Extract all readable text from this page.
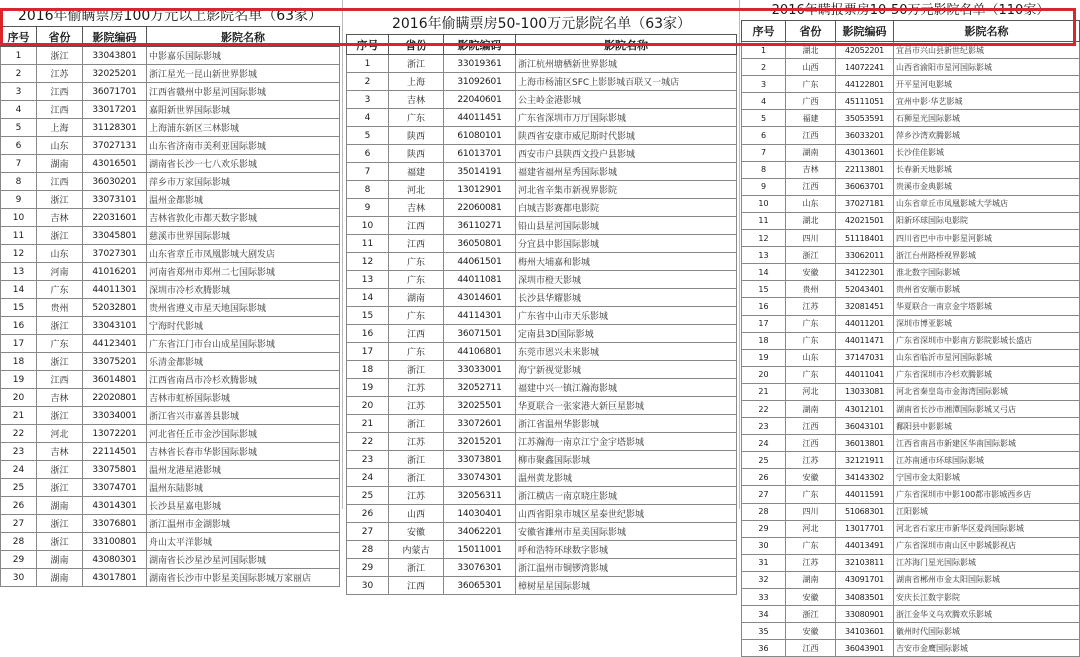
2016年偷瞒票房100万元以上影院名单（63家）
序号	省份	影院编码	影院名称
1	浙江	33043801	中影嘉乐国际影城
2	江苏	32025201	浙江星光一昆山新世界影城
3	江西	36071701	江西省赣州中影星河国际影城
4	江西	33017201	嘉阳新世界国际影城
5	上海	31128301	上海浦东新区三林影城
6	山东	37027131	山东省济南市美利亚国际影城
7	湖南	43016501	湖南省长沙一七八欢乐影城
8	江西	36030201	萍乡市万家国际影城
9	浙江	33073101	温州金都影城
10	吉林	22031601	吉林省敦化市都天数字影城
11	浙江	33045801	慈溪市世界国际影城
12	山东	37027301	山东省章丘市凤凰影城大剧发店
13	河南	41016201	河南省郑州市郑州二七国际影城
14	广东	44011301	深圳市冷杉欢腾影城
15	贵州	52032801	贵州省遵义市星天地国际影城
16	浙江	33043101	宁海时代影城
17	广东	44123401	广东省江门市台山成星国际影城
18	浙江	33075201	乐清金都影城
19	江西	36014801	江西省南昌市冷杉欢腾影城
20	吉林	22020801	吉林市虹桥国际影城
21	浙江	33034001	浙江省兴市嘉善县影城
22	河北	13072201	河北省任丘市金沙国际影城
23	吉林	22114501	吉林省长春市华影国际影城
24	浙江	33075801	温州龙港星港影城
25	浙江	33074701	温州东陆影城
26	湖南	43014301	长沙县星嘉电影城
27	浙江	33076801	浙江温州市金湖影城
28	浙江	33100801	舟山太平洋影城
29	湖南	43080301	湖南省长沙星沙星河国际影城
30	湖南	43017801	湖南省长沙市中影星美国际影城万家丽店
2016年偷瞒票房50-100万元影院名单（63家）
序号	省份	影院编码	影院名称
1	浙江	33019361	浙江杭州塘栖新世界影城
2	上海	31092601	上海市杨浦区SFC上影影城百联又一城店
3	吉林	22040601	公主岭金港影城
4	广东	44011451	广东省深圳市万厅国际影城
5	陕西	61080101	陕西省安康市威尼斯时代影城
6	陕西	61013701	西安市户县陕西文投户县影城
7	福建	35014191	福建省福州星秀国际影城
8	河北	13012901	河北省辛集市新视界影院
9	吉林	22060081	白城吉影赛都电影院
10	江西	36110271	铅山县星河国际影城
11	江西	36050801	分宜县中影国际影城
12	广东	44061501	梅州大埔嘉和影城
13	广东	44011081	深圳市橙天影城
14	湖南	43014601	长沙县华耀影城
15	广东	44114301	广东省中山市天乐影城
16	江西	36071501	定南县3D国际影城
17	广东	44106801	东莞市恩兴未来影城
18	浙江	33033001	海宁新视觉影城
19	江苏	32052711	福建中兴一镇江瀚海影城
20	江苏	32025501	华夏联合一张家港大新巨星影城
21	浙江	33072601	浙江省温州华影影城
22	江苏	32015201	江苏瀚海一南京江宁金宇塔影城
23	浙江	33073801	柳市聚鑫国际影城
24	浙江	33074301	温州黄龙影城
25	江苏	32056311	浙江横店一南京晓庄影城
26	山西	14030401	山西省阳泉市城区星泰世纪影城
27	安徽	34062201	安徽省濉州市星美国际影城
28	内蒙古	15011001	呼和浩特环球数字影城
29	浙江	33076301	浙江温州市铜锣湾影城
30	江西	36065301	樟树星星国际影城
2016年瞒报票房10-50万元影院名单（110家）
序号	省份	影院编码	影院名称
1	湖北	42052201	宜昌市兴山县新世纪影城
2	山西	14072241	山西省渝阳市星河国际影城
3	广东	44122801	开平星河电影城
4	广西	45111051	宜州中影·华艺影城
5	福建	35053591	石狮星光国际影城
6	江西	36033201	萍乡沙湾欢腾影城
7	湖南	43013601	长沙佳佳影城
8	吉林	22113801	长春新天地影城
9	江西	36063701	贵溪市金典影城
10	山东	37027181	山东省章丘市凤凰影城大学城店
11	湖北	42021501	阳新环球国际电影院
12	四川	51118401	四川省巴中市中影星河影城
13	浙江	33062011	浙江台州路桥视界影城
14	安徽	34122301	淮北数字国际影城
15	贵州	52043401	贵州省安顺市影城
16	江苏	32081451	华夏联合一南京金宇塔影城
17	广东	44011201	深圳市博亚影城
18	广东	44011471	广东省深圳市中影南方影院影城长盛店
19	山东	37147031	山东省临沂市星河国际影城
20	广东	44011041	广东省深圳市冷杉欢腾影城
21	河北	13033081	河北省秦皇岛市金海湾国际影城
22	湖南	43012101	湖南省长沙市湘潭国际影城又弓店
23	江西	36043101	鄱阳县中影影城
24	江西	36013801	江西省南昌市新建区华南国际影城
25	江苏	32121911	江苏南通市环球国际影城
26	安徽	34143302	宁国市金太阳影城
27	广东	44011591	广东省深圳市中影100都市影城西乡店
28	四川	51068301	江阳影城
29	河北	13017701	河北省石家庄市新华区爱尚国际影城
30	广东	44013491	广东省深圳市南山区中影城影视店
31	江苏	32103811	江苏海门星光国际影城
32	湖南	43091701	湖南省郴州市金太阳国际影城
33	安徽	34083501	安庆长江数字影院
34	浙江	33080901	浙江金华义乌欢腾欢乐影城
35	安徽	34103601	徽州时代国际影城
36	江西	36043901	吉安市金鹰国际影城
